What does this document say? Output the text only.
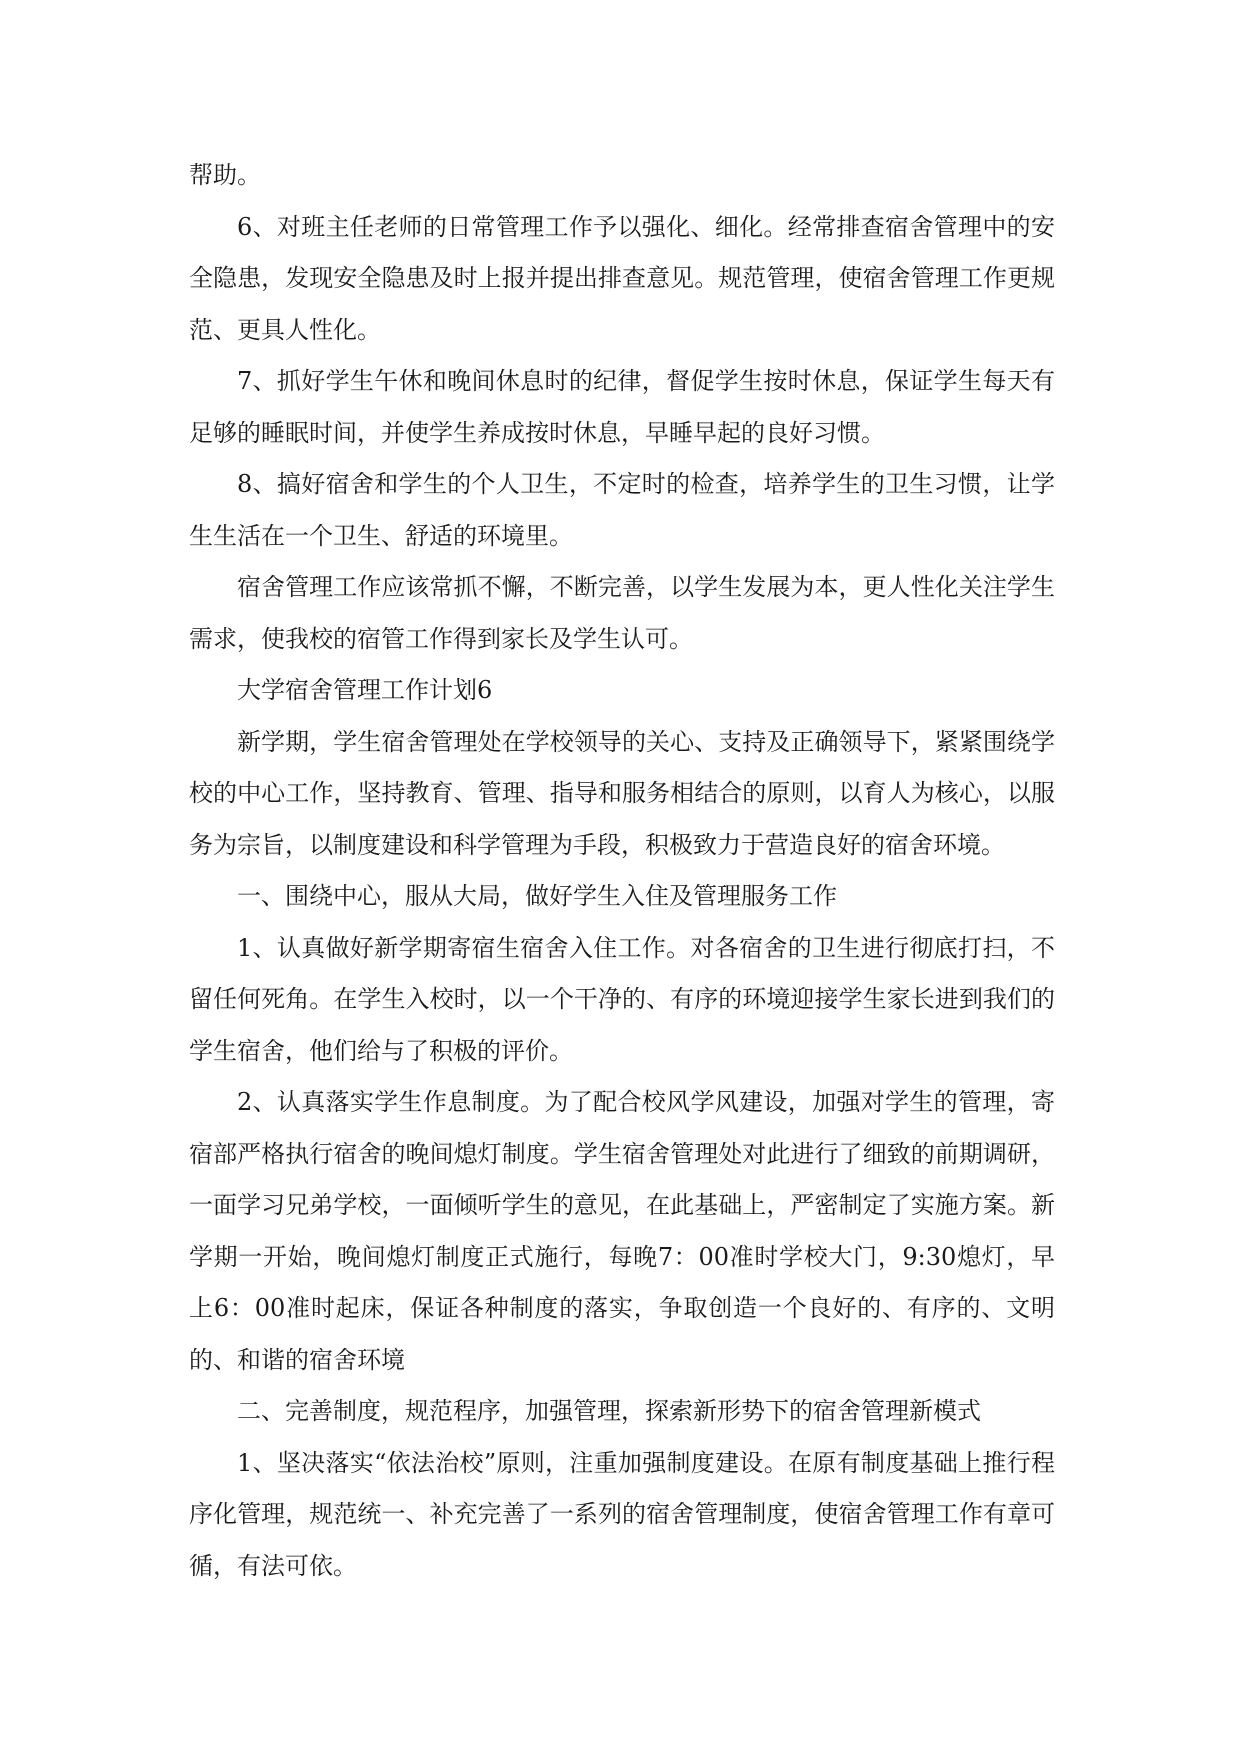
帮助。

6、对班主任老师的日常管理工作予以强化、细化。经常排查宿舍管理中的安全隐患，发现安全隐患及时上报并提出排查意见。规范管理，使宿舍管理工作更规范、更具人性化。

7、抓好学生午休和晚间休息时的纪律，督促学生按时休息，保证学生每天有足够的睡眠时间，并使学生养成按时休息，早睡早起的良好习惯。

8、搞好宿舍和学生的个人卫生，不定时的检查，培养学生的卫生习惯，让学生生活在一个卫生、舒适的环境里。

宿舍管理工作应该常抓不懈，不断完善，以学生发展为本，更人性化关注学生需求，使我校的宿管工作得到家长及学生认可。

大学宿舍管理工作计划6

新学期，学生宿舍管理处在学校领导的关心、支持及正确领导下，紧紧围绕学校的中心工作，坚持教育、管理、指导和服务相结合的原则，以育人为核心，以服务为宗旨，以制度建设和科学管理为手段，积极致力于营造良好的宿舍环境。

一、围绕中心，服从大局，做好学生入住及管理服务工作

1、认真做好新学期寄宿生宿舍入住工作。对各宿舍的卫生进行彻底打扫，不留任何死角。在学生入校时，以一个干净的、有序的环境迎接学生家长进到我们的学生宿舍，他们给与了积极的评价。

2、认真落实学生作息制度。为了配合校风学风建设，加强对学生的管理，寄宿部严格执行宿舍的晚间熄灯制度。学生宿舍管理处对此进行了细致的前期调研，一面学习兄弟学校，一面倾听学生的意见，在此基础上，严密制定了实施方案。新学期一开始，晚间熄灯制度正式施行，每晚7：00准时学校大门，9:30熄灯，早上6：00准时起床，保证各种制度的落实，争取创造一个良好的、有序的、文明的、和谐的宿舍环境

二、完善制度，规范程序，加强管理，探索新形势下的宿舍管理新模式

1、坚决落实“依法治校”原则，注重加强制度建设。在原有制度基础上推行程序化管理，规范统一、补充完善了一系列的宿舍管理制度，使宿舍管理工作有章可循，有法可依。
